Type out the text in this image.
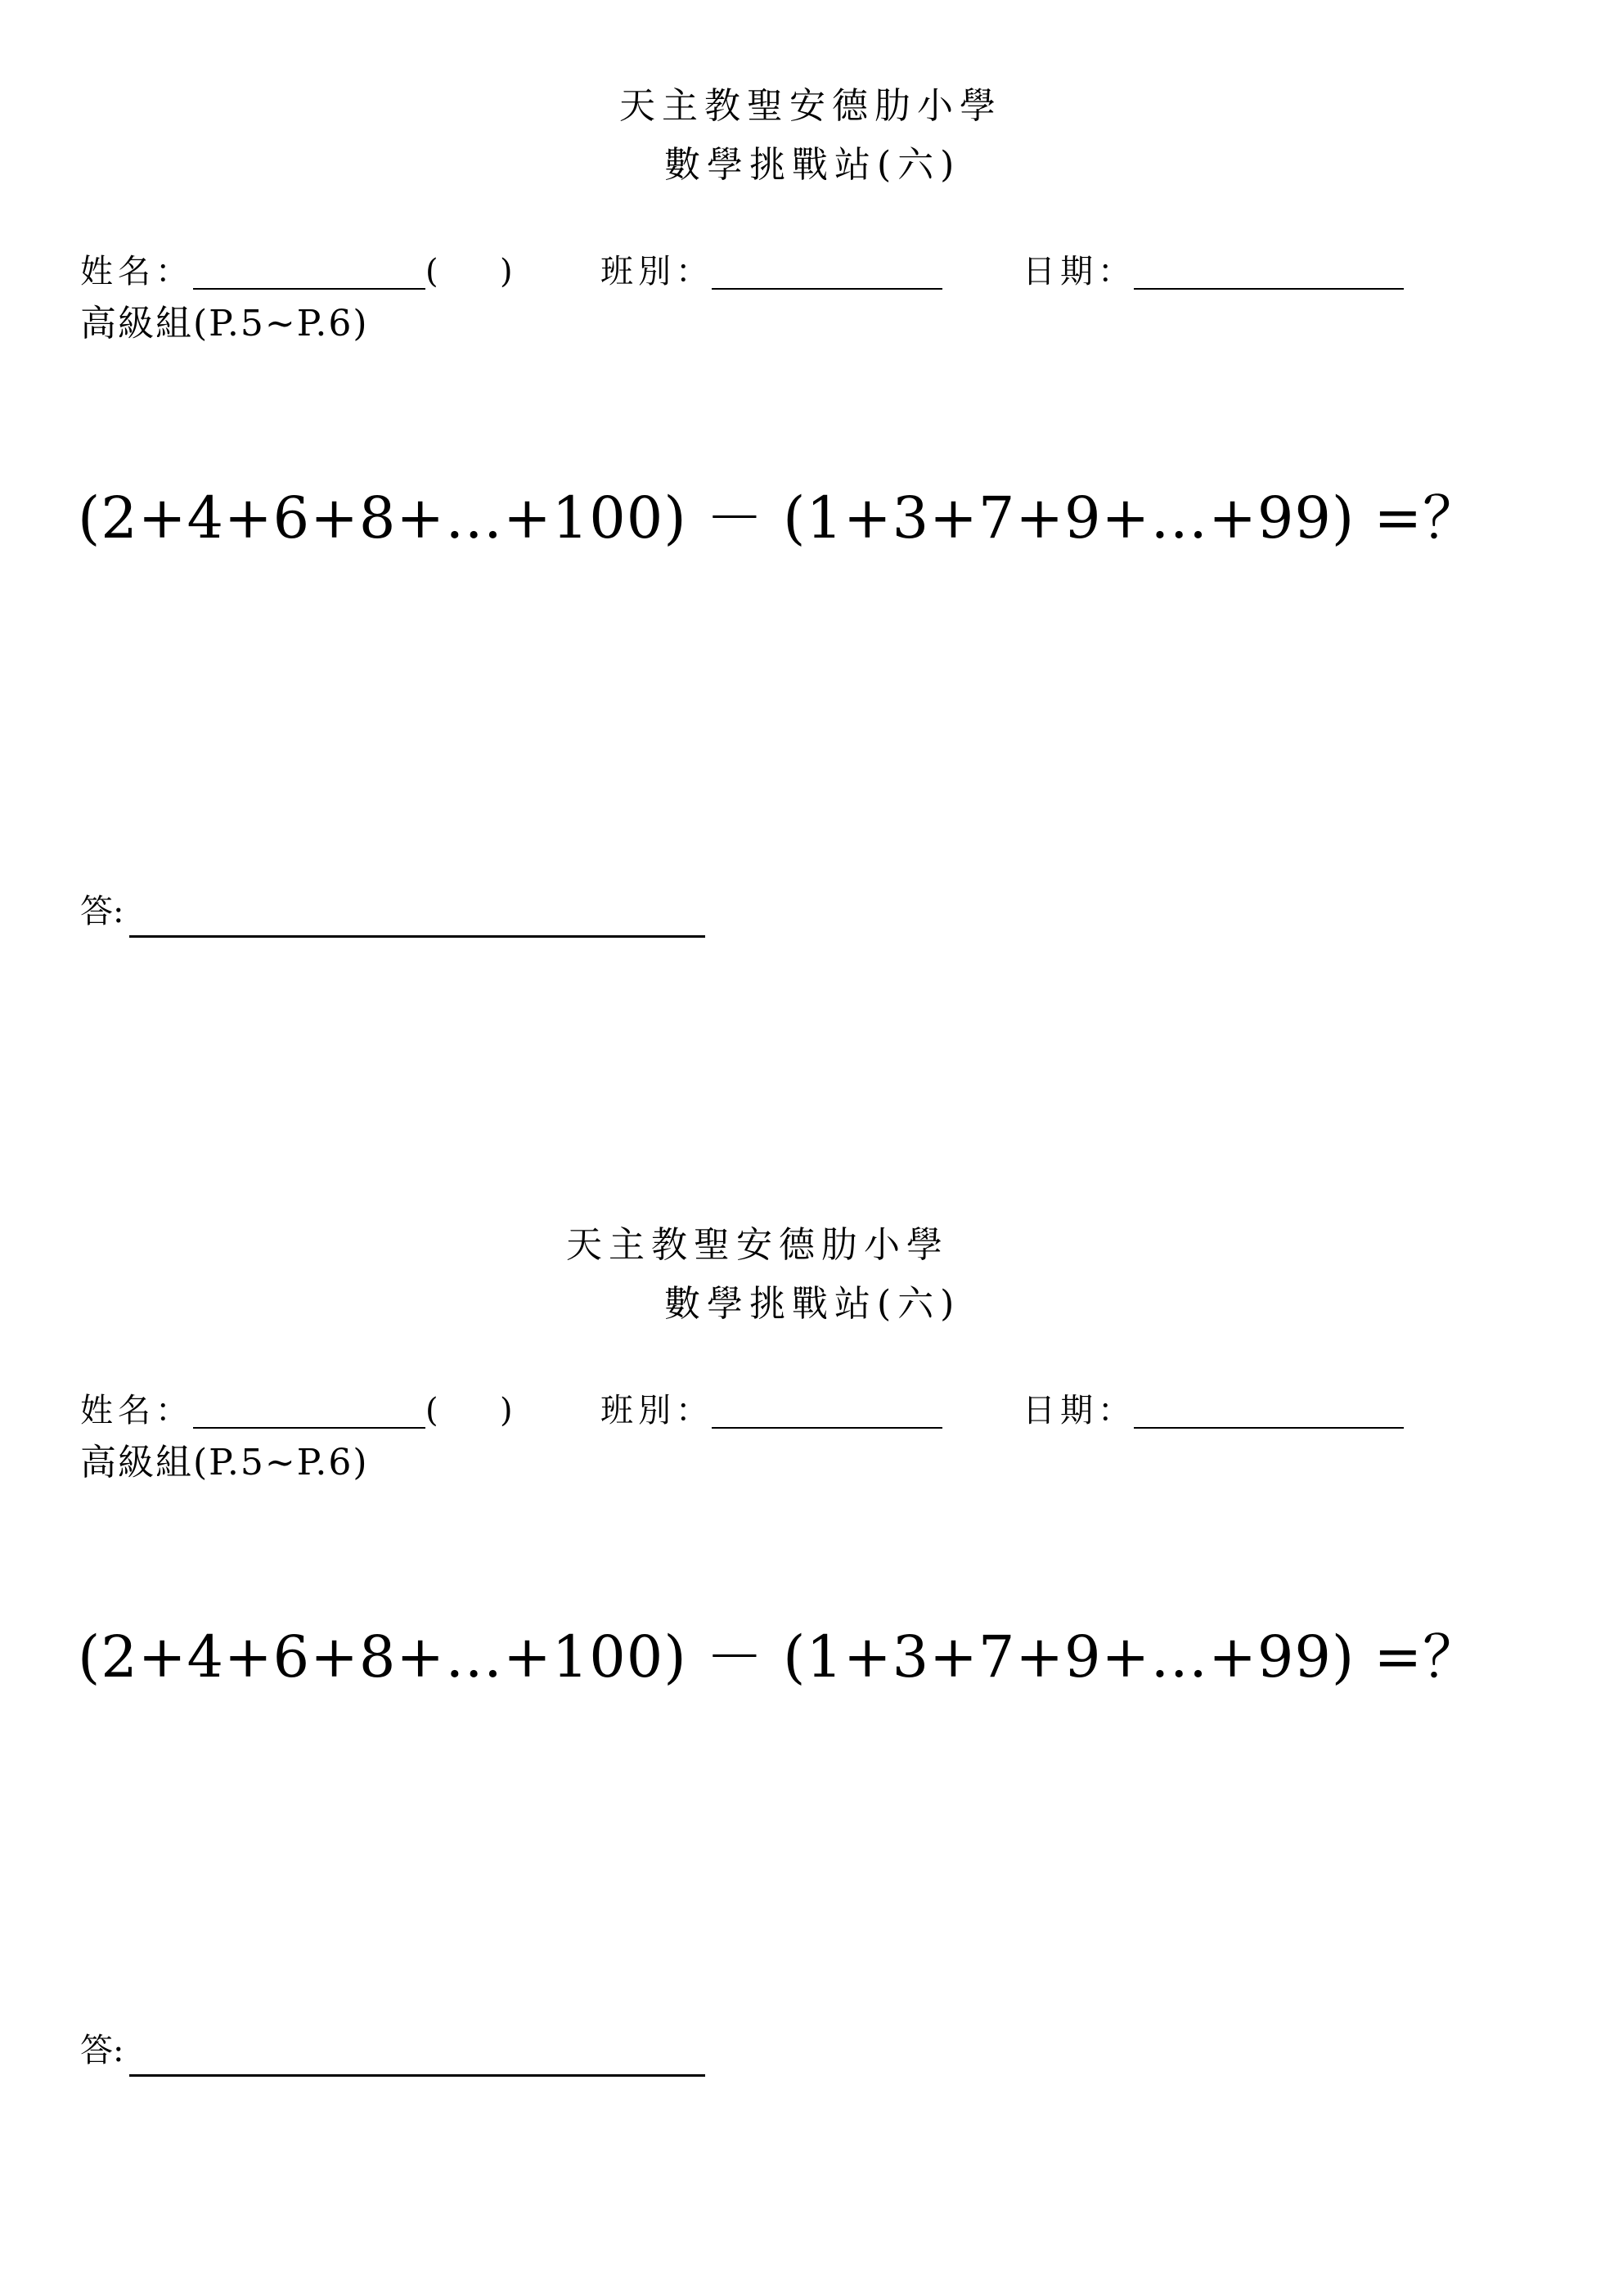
天主教聖安德肋小學
數學挑戰站(六)
姓名：	( )	班別：	日期：
高級組(P.5~P.6)
(2+4+6+8+…+100) － (1+3+7+9+…+99) =？
答:
天主教聖安德肋小學
數學挑戰站(六)
姓名：	( )	班別：	日期：
高級組(P.5~P.6)
(2+4+6+8+…+100) － (1+3+7+9+…+99) =？
答:
